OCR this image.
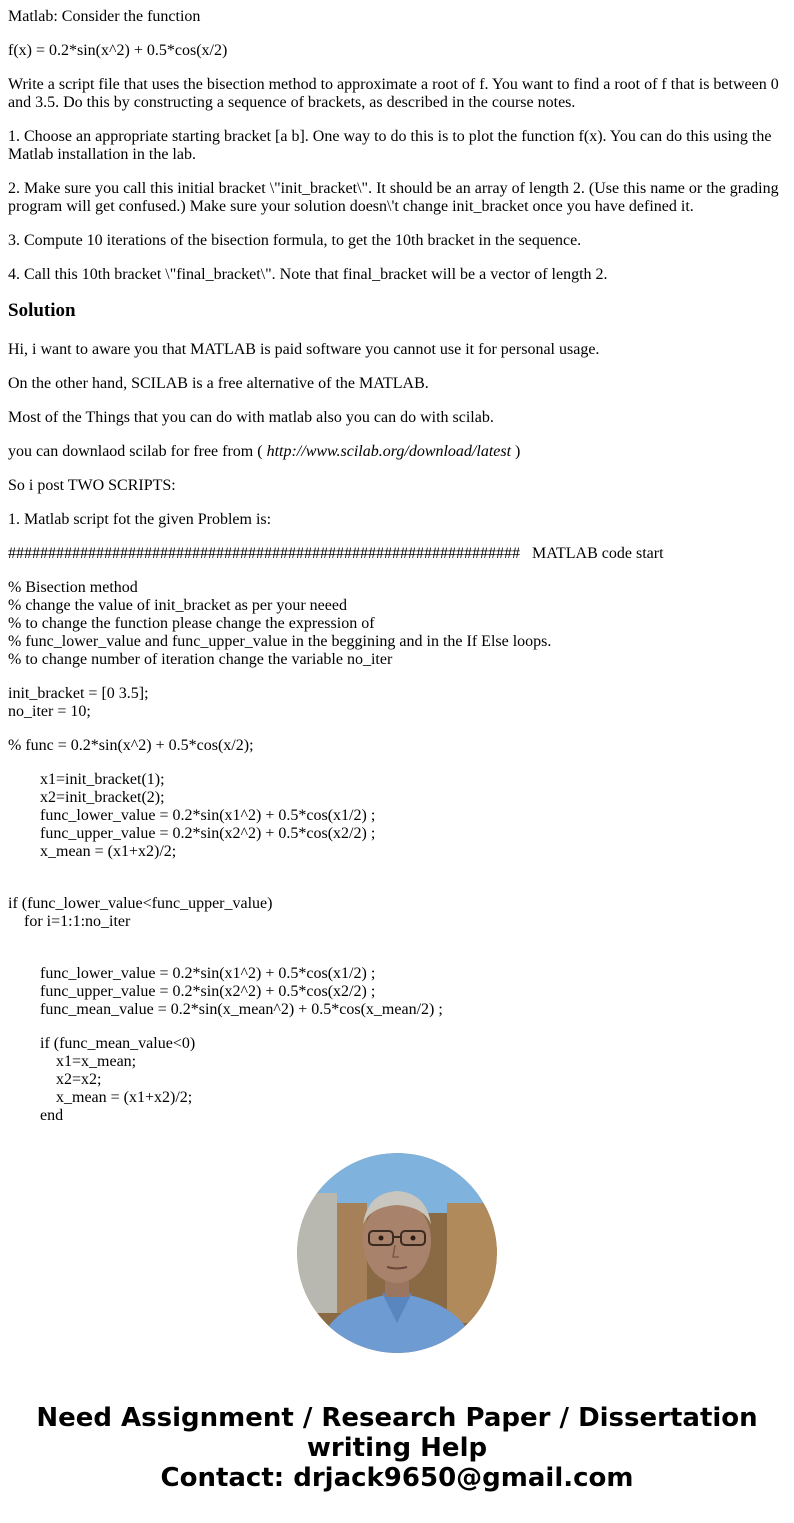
Matlab: Consider the function

f(x) = 0.2*sin(x^2) + 0.5*cos(x/2)

Write a script file that uses the bisection method to approximate a root of f. You want to find a root of f that is between 0 and 3.5. Do this by constructing a sequence of brackets, as described in the course notes.

1. Choose an appropriate starting bracket [a b]. One way to do this is to plot the function f(x). You can do this using the Matlab installation in the lab.

2. Make sure you call this initial bracket \"init_bracket\". It should be an array of length 2. (Use this name or the grading program will get confused.) Make sure your solution doesn\'t change init_bracket once you have defined it.

3. Compute 10 iterations of the bisection formula, to get the 10th bracket in the sequence.

4. Call this 10th bracket \"final_bracket\". Note that final_bracket will be a vector of length 2.

Solution

Hi, i want to aware you that MATLAB is paid software you cannot use it for personal usage.

On the other hand, SCILAB is a free alternative of the MATLAB.

Most of the Things that you can do with matlab also you can do with scilab.

you can downlaod scilab for free from ( http://www.scilab.org/download/latest )

So i post TWO SCRIPTS:

1. Matlab script fot the given Problem is:

################################################################   MATLAB code start

% Bisection method
% change the value of init_bracket as per your neeed
% to change the function please change the expression of
% func_lower_value and func_upper_value in the beggining and in the If Else loops.
% to change number of iteration change the variable no_iter
init_bracket = [0 3.5];
no_iter = 10;
% func = 0.2*sin(x^2) + 0.5*cos(x/2);
x1=init_bracket(1);
x2=init_bracket(2);
func_lower_value = 0.2*sin(x1^2) + 0.5*cos(x1/2) ;
func_upper_value = 0.2*sin(x2^2) + 0.5*cos(x2/2) ;
x_mean = (x1+x2)/2;
if (func_lower_value<func_upper_value)
for i=1:1:no_iter
func_lower_value = 0.2*sin(x1^2) + 0.5*cos(x1/2) ;
func_upper_value = 0.2*sin(x2^2) + 0.5*cos(x2/2) ;
func_mean_value = 0.2*sin(x_mean^2) + 0.5*cos(x_mean/2) ;
if (func_mean_value<0)
x1=x_mean;
x2=x2;
x_mean = (x1+x2)/2;
end
Need Assignment / Research Paper / Dissertation
writing Help
Contact: drjack9650@gmail.com
